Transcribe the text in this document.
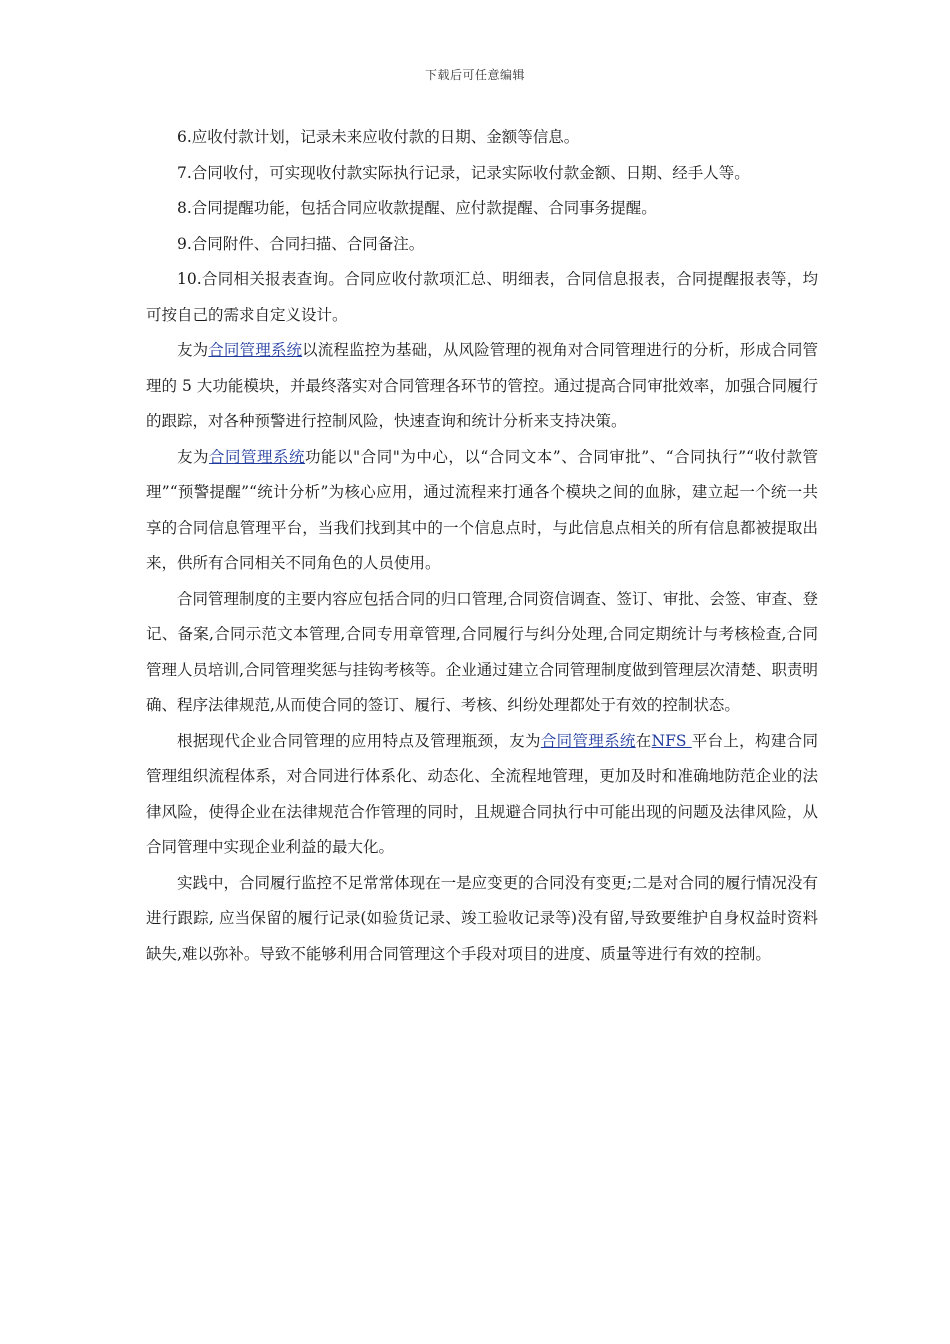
下载后可任意编辑

6.应收付款计划，记录未来应收付款的日期、金额等信息。

7.合同收付，可实现收付款实际执行记录，记录实际收付款金额、日期、经手人等。

8.合同提醒功能，包括合同应收款提醒、应付款提醒、合同事务提醒。

9.合同附件、合同扫描、合同备注。

10.合同相关报表查询。合同应收付款项汇总、明细表，合同信息报表，合同提醒报表等，均可按自己的需求自定义设计。

友为合同管理系统以流程监控为基础，从风险管理的视角对合同管理进行的分析，形成合同管理的 5 大功能模块，并最终落实对合同管理各环节的管控。通过提高合同审批效率，加强合同履行的跟踪，对各种预警进行控制风险，快速查询和统计分析来支持决策。

友为合同管理系统功能以"合同"为中心，以“合同文本”、合同审批”、“合同执行”“收付款管理”“预警提醒”“统计分析”为核心应用，通过流程来打通各个模块之间的血脉，建立起一个统一共享的合同信息管理平台，当我们找到其中的一个信息点时，与此信息点相关的所有信息都被提取出来，供所有合同相关不同角色的人员使用。

合同管理制度的主要内容应包括合同的归口管理,合同资信调查、签订、审批、会签、审查、登记、备案,合同示范文本管理,合同专用章管理,合同履行与纠分处理,合同定期统计与考核检查,合同管理人员培训,合同管理奖惩与挂钩考核等。企业通过建立合同管理制度做到管理层次清楚、职责明确、程序法律规范,从而使合同的签订、履行、考核、纠纷处理都处于有效的控制状态。

根据现代企业合同管理的应用特点及管理瓶颈，友为合同管理系统在NFS 平台上，构建合同管理组织流程体系，对合同进行体系化、动态化、全流程地管理，更加及时和准确地防范企业的法律风险，使得企业在法律规范合作管理的同时，且规避合同执行中可能出现的问题及法律风险，从合同管理中实现企业利益的最大化。

实践中，合同履行监控不足常常体现在一是应变更的合同没有变更;二是对合同的履行情况没有进行跟踪, 应当保留的履行记录(如验货记录、竣工验收记录等)没有留,导致要维护自身权益时资料缺失,难以弥补。导致不能够利用合同管理这个手段对项目的进度、质量等进行有效的控制。
